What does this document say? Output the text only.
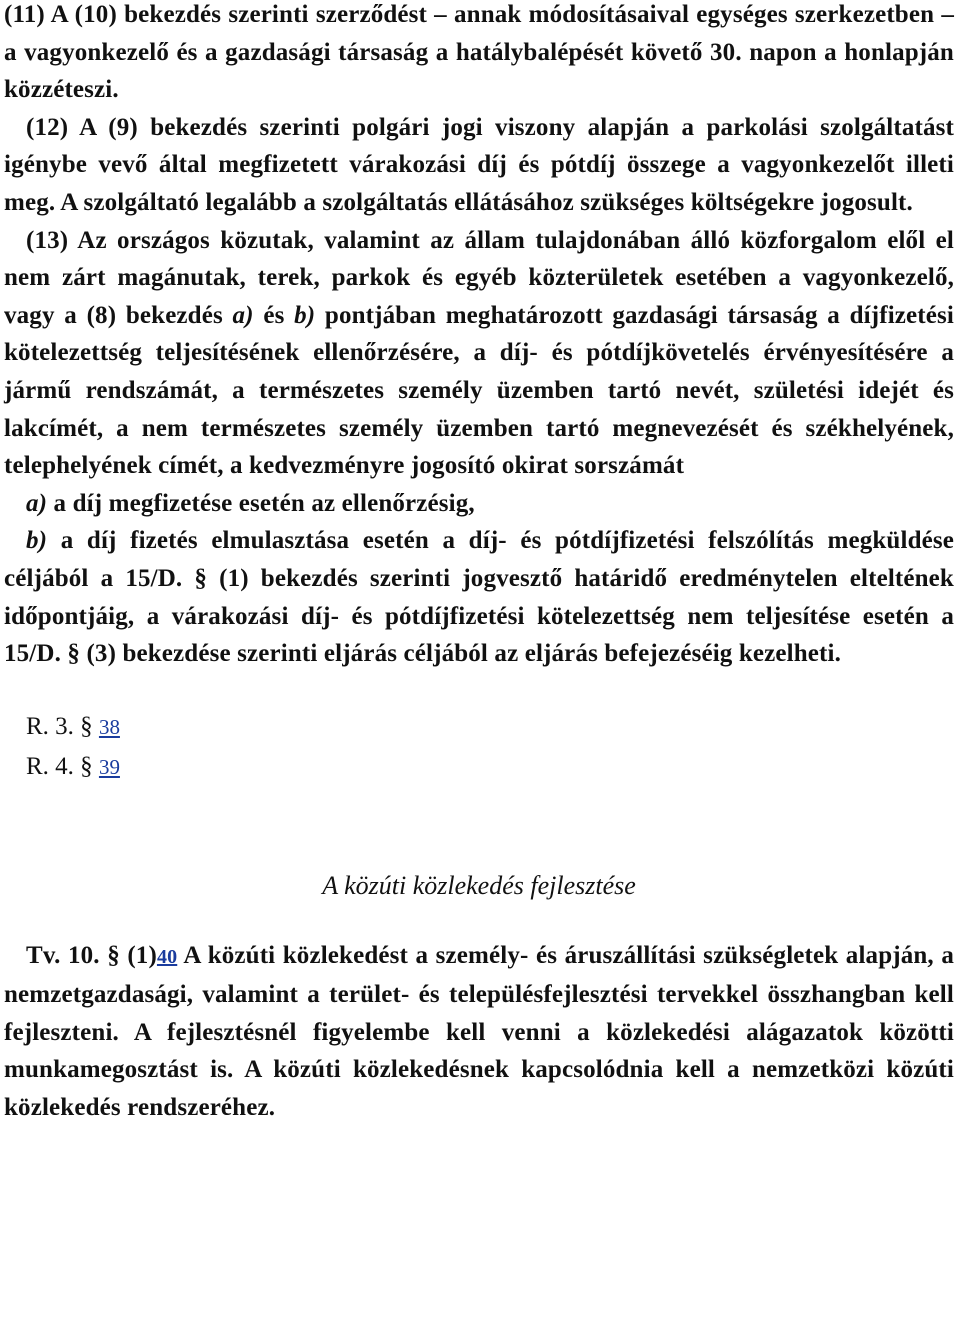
(11) A (10) bekezdés szerinti szerződést – annak módosításaival egységes szerkezetben – a vagyonkezelő és a gazdasági társaság a hatálybalépését követő 30. napon a honlapján közzéteszi.

(12) A (9) bekezdés szerinti polgári jogi viszony alapján a parkolási szolgáltatást igénybe vevő által megfizetett várakozási díj és pótdíj összege a vagyonkezelőt illeti meg. A szolgáltató legalább a szolgáltatás ellátásához szükséges költségekre jogosult.

(13) Az országos közutak, valamint az állam tulajdonában álló közforgalom elől el nem zárt magánutak, terek, parkok és egyéb közterületek esetében a vagyonkezelő, vagy a (8) bekezdés a) és b) pontjában meghatározott gazdasági társaság a díjfizetési kötelezettség teljesítésének ellenőrzésére, a díj- és pótdíjkövetelés érvényesítésére a jármű rendszámát, a természetes személy üzemben tartó nevét, születési idejét és lakcímét, a nem természetes személy üzemben tartó megnevezését és székhelyének, telephelyének címét, a kedvezményre jogosító okirat sorszámát

a) a díj megfizetése esetén az ellenőrzésig,

b) a díj fizetés elmulasztása esetén a díj- és pótdíjfizetési felszólítás megküldése céljából a 15/D. § (1) bekezdés szerinti jogvesztő határidő eredménytelen elteltének időpontjáig, a várakozási díj- és pótdíjfizetési kötelezettség nem teljesítése esetén a 15/D. § (3) bekezdése szerinti eljárás céljából az eljárás befejezéséig kezelheti.

R. 3. § 38
R. 4. § 39
A közúti közlekedés fejlesztése

Tv. 10. § (1)40 A közúti közlekedést a személy- és áruszállítási szükségletek alapján, a nemzetgazdasági, valamint a terület- és településfejlesztési tervekkel összhangban kell fejleszteni. A fejlesztésnél figyelembe kell venni a közlekedési alágazatok közötti munkamegosztást is. A közúti közlekedésnek kapcsolódnia kell a nemzetközi közúti közlekedés rendszeréhez.
